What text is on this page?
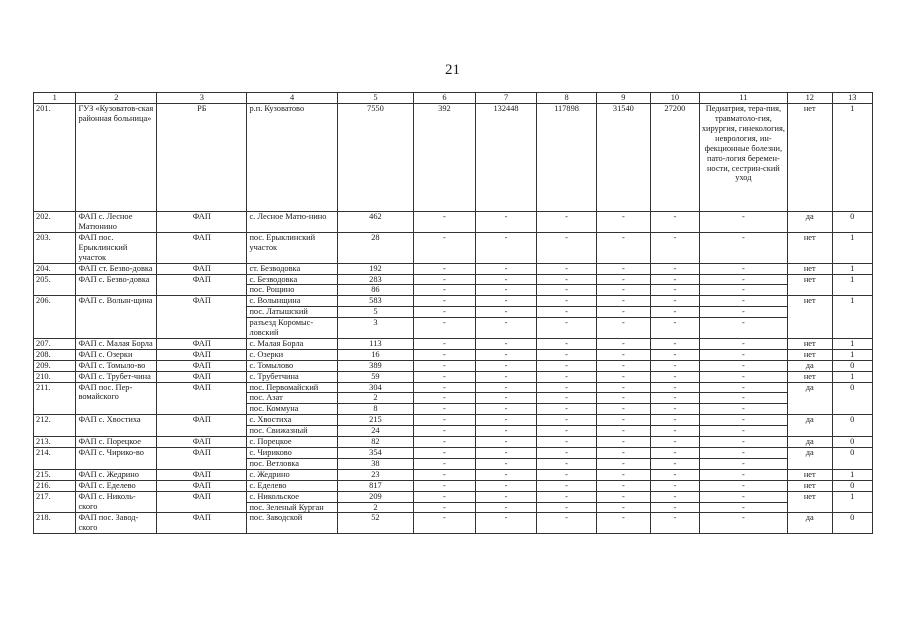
21
1	2	3	4	5	6	7	8	9	10	11	12	13
201.	ГУЗ «Кузоватов-ская районная больница»	РБ	р.п. Кузоватово	7550	392	132448	117898	31540	27200	Педиатрия, тера-пия, травматоло-гия, хирургия, гинекология, неврология, ин-фекционные болезни, пато-логия беремен-ности, сестрин-ский уход	нет	1
202.	ФАП с. Лесное Матюнино	ФАП	с. Лесное Матю-нино	462	-	-	-	-	-	-	да	0
203.	ФАП пос. Ерыклинский участок	ФАП	пос. Ерыклинский участок	28	-	-	-	-	-	-	нет	1
204.	ФАП ст. Безво-довка	ФАП	ст. Безводовка	192	-	-	-	-	-	-	нет	1
205.	ФАП с. Безво-довка	ФАП	с. Безводовка	283	-	-	-	-	-	-	нет	1
			пос. Рощино	86	-	-	-	-	-	-		
206.	ФАП с. Волын-щина	ФАП	с. Волынщина	583	-	-	-	-	-	-	нет	1
			пос. Латышский	5	-	-	-	-	-	-		
			разъезд Коромыс-ловский	3	-	-	-	-	-	-		
207.	ФАП с. Малая Борла	ФАП	с. Малая Борла	113	-	-	-	-	-	-	нет	1
208.	ФАП с. Озерки	ФАП	с. Озерки	16	-	-	-	-	-	-	нет	1
209.	ФАП с. Томыло-во	ФАП	с. Томылово	389	-	-	-	-	-	-	да	0
210.	ФАП с. Трубет-чина	ФАП	с. Трубетчина	59	-	-	-	-	-	-	нет	1
211.	ФАП пос. Пер-вомайского	ФАП	пос. Первомайский	304	-	-	-	-	-	-	да	0
			пос. Азат	2	-	-	-	-	-	-		
			пос. Коммуна	8	-	-	-	-	-	-		
212.	ФАП с. Хвостиха	ФАП	с. Хвостиха	215	-	-	-	-	-	-	да	0
			пос. Свижазный	24	-	-	-	-	-	-		
213.	ФАП с. Порецкое	ФАП	с. Порецкое	82	-	-	-	-	-	-	да	0
214.	ФАП с. Чирико-во	ФАП	с. Чириково	354	-	-	-	-	-	-	да	0
			пос. Ветловка	38	-	-	-	-	-	-		
215.	ФАП с. Жедрино	ФАП	с. Жедрино	23	-	-	-	-	-	-	нет	1
216.	ФАП с. Еделево	ФАП	с. Еделево	817	-	-	-	-	-	-	нет	0
217.	ФАП с. Николь-ского	ФАП	с. Никольское	209	-	-	-	-	-	-	нет	1
			пос. Зеленый Курган	2	-	-	-	-	-	-		
218.	ФАП пос. Завод-ского	ФАП	пос. Заводской	52	-	-	-	-	-	-	да	0
